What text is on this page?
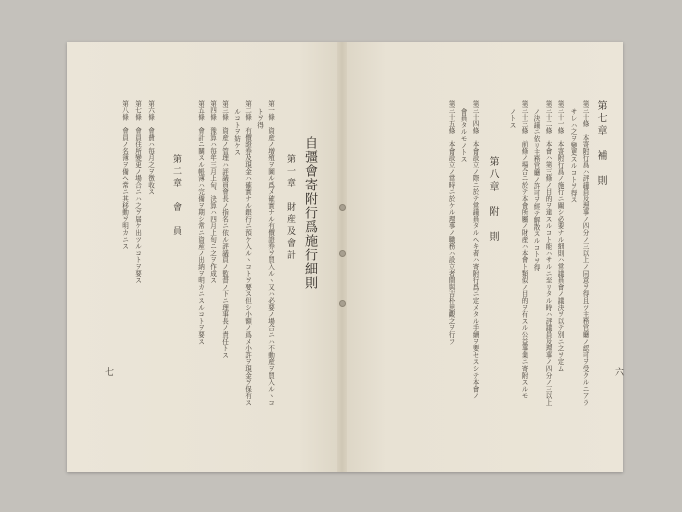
第七章　補　則
第三十條　本寄附行爲ハ評議員及理事ノ四分ノ三以上ノ同意ヲ得且ツ主務官廳ノ認可ヲ受クルニアラ
サレハ之ヲ變更スルコトヲ得ス
第三十一條　本寄附行爲ノ施行ニ關シ必要ナル細則ハ常議員會ノ議決ヲ以テ別ニ之ヲ定ム
第三十二條　本會ハ第三條ノ目的ヲ達スルコト能ハサルニ至リタル時ハ評議員及理事ノ四分ノ三以上
ノ決議ニ依リ主務官廳ノ許可ヲ經テ解散スルコトヲ得
第三十三條　前條ノ場合ニ於テ本會所屬ノ財産ハ本會ト類似ノ目的ヲ有スル公益事業ニ寄附スルモ
ノトス
第八章　附　則
第三十四條　本會設立ノ際ニ於テ常議員タルヘキ者ハ寄附行爲ニ定メタル手續ヲ要セスシテ本會ノ
會員タルモノトス
第三十五條　本會設立ノ當時ニ於ケル理事ノ職務ハ設立者間與吉朴思觀之ヲ行フ
六
自彊會寄附行爲施行細則
第一章　財産及會計
第一條　資産ノ増殖ヲ圖ル爲メ確實ナル有價證券ヲ買入ルヽ又ハ必要ノ場合ニハ不動産ヲ買入ルヽコ
トヲ得
第二條　有價證券及現金ハ確實ナル銀行ニ預ケ入ルヽコトヲ要ス但シ小額ノ爲メ小許ヲ現金ヲ保有ス
ルコトヲ妨ケス
第三條　資産ノ管理ハ評議員會長ノ指名ニ依ル評議員ノ監督ノ下ニ理事長ノ責任トス
第四條　豫算ハ毎年三月上旬、決算ハ四月上旬ニ之ヲ作成ス
第五條　會計ニ關スル帳簿ハ完備ヲ期シ常ニ資産ノ出納ヲ明カニスルコトヲ要ス
第二章　會　員
第六條　會費ハ毎月之ヲ徴收ス
第七條　會員住所變更ノ場合ニハ之ヲ届ケ出ツルコトヲ要ス
第八條　會員ノ名簿ヲ備ヘ常ニ其移動ヲ明カニス
七
